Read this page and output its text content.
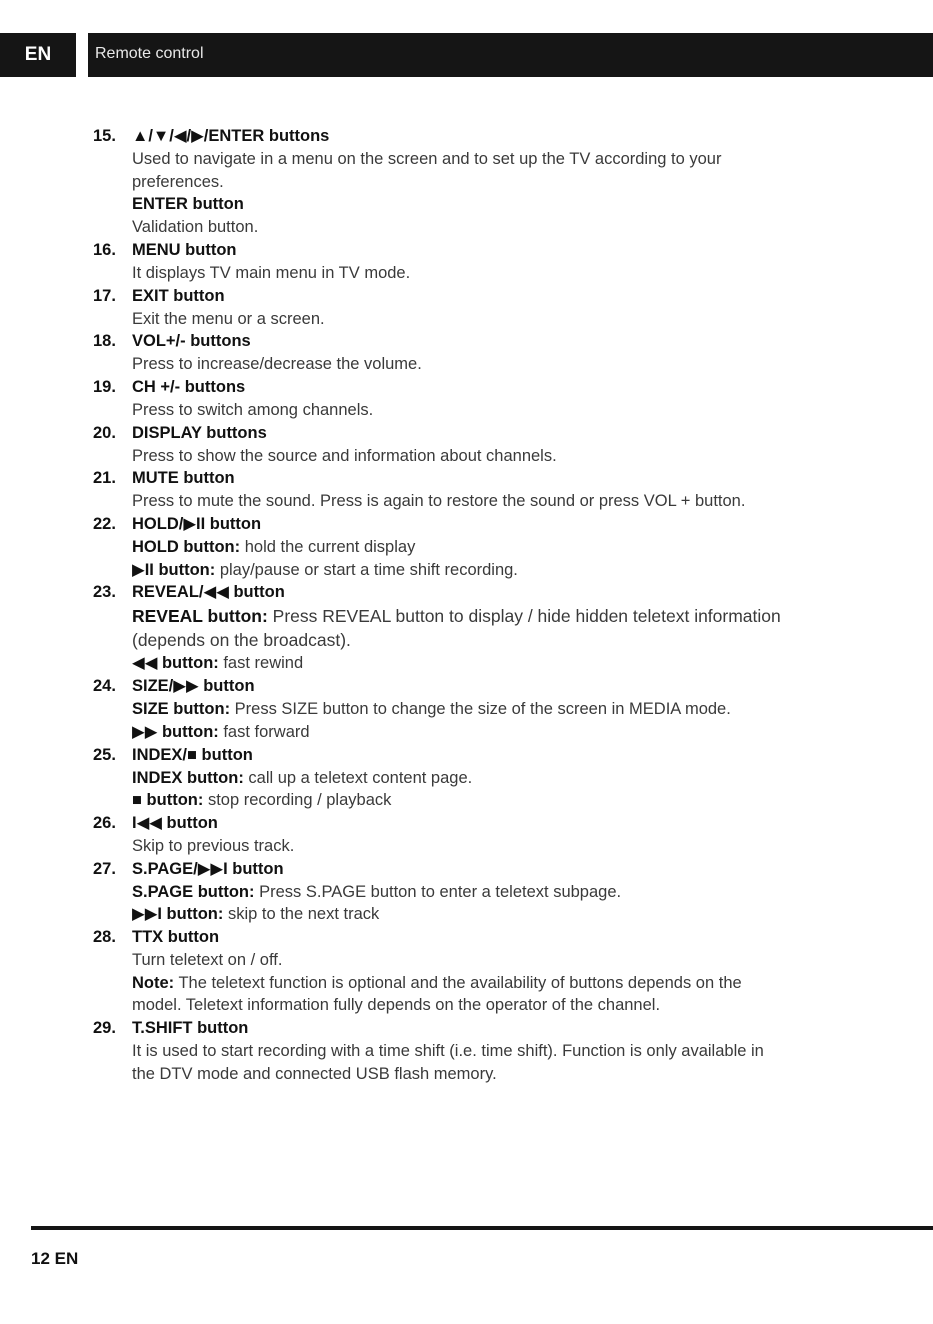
EN	Remote control
15. ▲/▼/◀/▶/ENTER buttons
Used to navigate in a menu on the screen and to set up the TV according to your
preferences.
ENTER button
Validation button.
16. MENU button
It displays TV main menu in TV mode.
17. EXIT button
Exit the menu or a screen.
18. VOL+/- buttons
Press to increase/decrease the volume.
19. CH +/- buttons
Press to switch among channels.
20. DISPLAY buttons
Press to show the source and information about channels.
21. MUTE button
Press to mute the sound. Press is again to restore the sound or press VOL + button.
22. HOLD/▶II button
HOLD button: hold the current display
▶II button: play/pause or start a time shift recording.
23. REVEAL/◀◀ button
REVEAL button: Press REVEAL button to display / hide hidden teletext information
(depends on the broadcast).
◀◀ button: fast rewind
24. SIZE/▶▶ button
SIZE button: Press SIZE button to change the size of the screen in MEDIA mode.
▶▶ button: fast forward
25. INDEX/■ button
INDEX button: call up a teletext content page.
■ button: stop recording / playback
26. I◀◀ button
Skip to previous track.
27. S.PAGE/▶▶I button
S.PAGE button: Press S.PAGE button to enter a teletext subpage.
▶▶I button: skip to the next track
28. TTX button
Turn teletext on / off.
Note: The teletext function is optional and the availability of buttons depends on the
model. Teletext information fully depends on the operator of the channel.
29. T.SHIFT button
It is used to start recording with a time shift (i.e. time shift). Function is only available in
the DTV mode and connected USB flash memory.
12 EN
